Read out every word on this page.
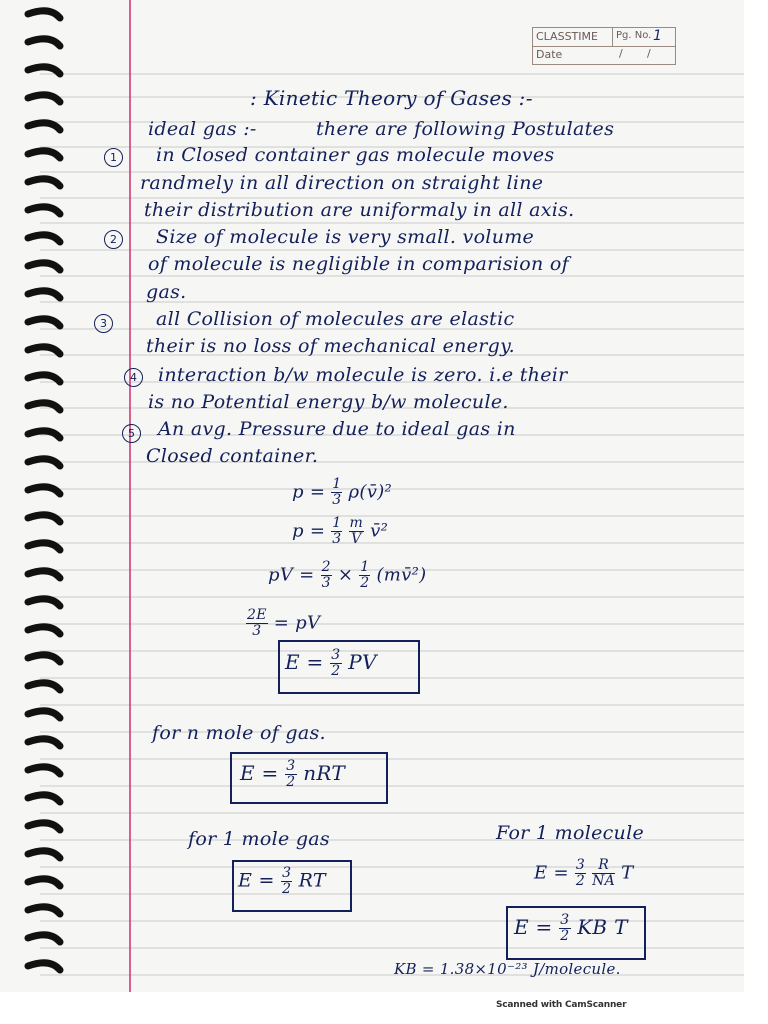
CLASSTIME Pg. No. 1
Date	/ /
: Kinetic Theory of Gases :-
ideal gas :-	there are following Postulates
1	in Closed container gas molecule moves
randmely in all direction on straight line
their distribution are uniformaly in all axis.
2	Size of molecule is very small. volume
of molecule is negligible in comparision of
gas.
3	all Collision of molecules are elastic
their is no loss of mechanical energy.
4	interaction b/w molecule is zero. i.e their
is no Potential energy b/w molecule.
5	An avg. Pressure due to ideal gas in
Closed container.
$p = \frac{1}{3}$ ρ(v̄)²
$p = \frac{1}{3}$
$\frac{m}{V}$ v̄²
pV = $\frac{2}{3} \times \frac{1}{2}$ (mv̄²)
$\frac{2E}{3}$ = pV
$E = \frac{3}{2}$ PV
for n mole of gas.
$E = \frac{3}{2}$ nRT
for 1 mole gas	For 1 molecule
$E = \frac{3}{2}$ RT	$E = \frac{3}{2}$
$\frac{R}{NA}$ T
$E = \frac{3}{2}$ KB T
KB = 1.38×10⁻²³ J/molecule.
Scanned with CamScanner
